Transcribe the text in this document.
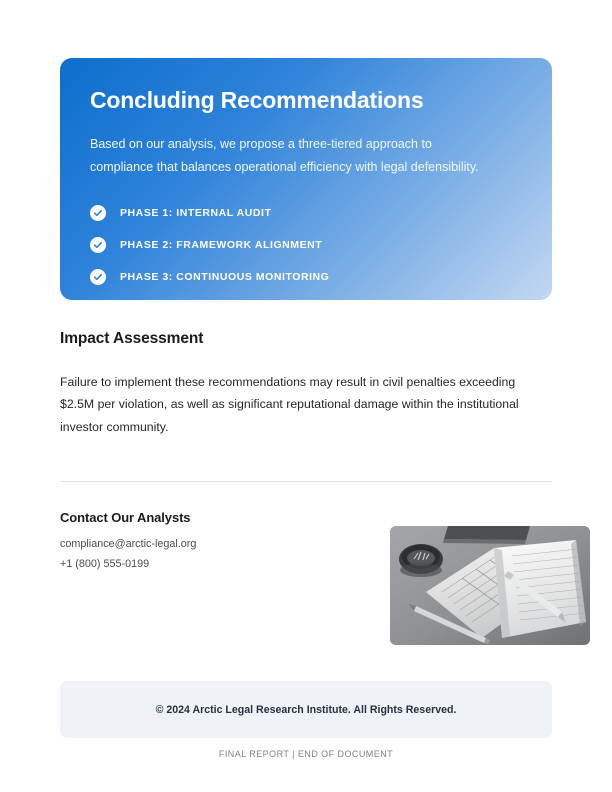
Concluding Recommendations

Based on our analysis, we propose a three-tiered approach to compliance that balances operational efficiency with legal defensibility.

PHASE 1: INTERNAL AUDIT
PHASE 2: FRAMEWORK ALIGNMENT
PHASE 3: CONTINUOUS MONITORING
Impact Assessment

Failure to implement these recommendations may result in civil penalties exceeding $2.5M per violation, as well as significant reputational damage within the institutional investor community.

Contact Our Analysts
compliance@arctic-legal.org
+1 (800) 555-0199
© 2024 Arctic Legal Research Institute. All Rights Reserved.
FINAL REPORT | END OF DOCUMENT
